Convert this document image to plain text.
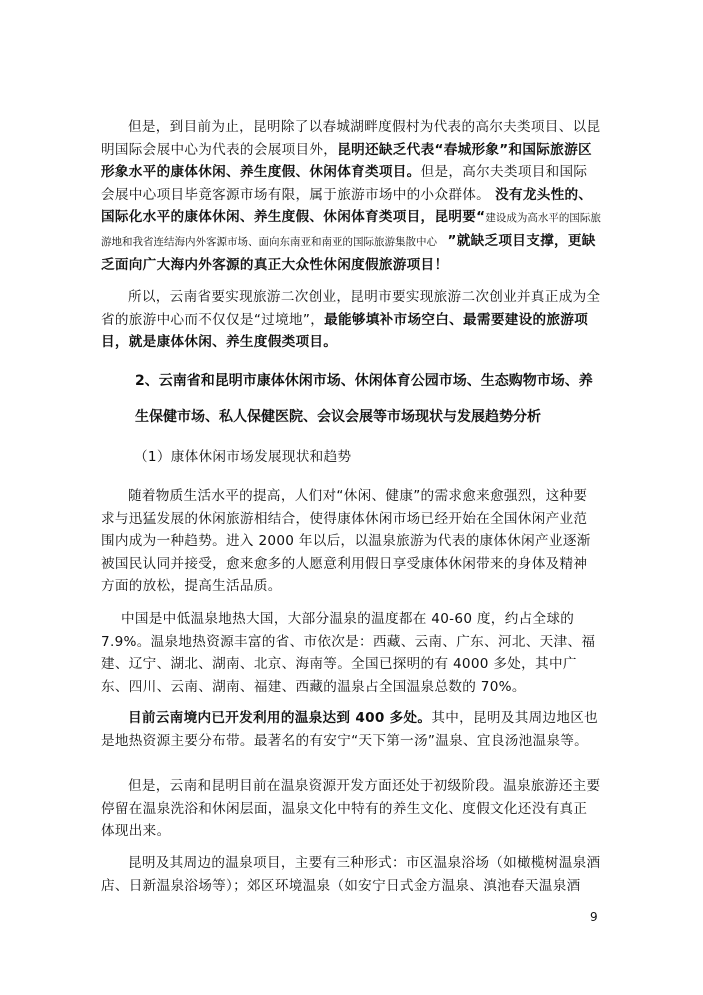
但是，到目前为止，昆明除了以春城湖畔度假村为代表的高尔夫类项目、以昆明国际会展中心为代表的会展项目外，昆明还缺乏代表“春城形象”和国际旅游区形象水平的康体休闲、养生度假、休闲体育类项目。但是，高尔夫类项目和国际会展中心项目毕竟客源市场有限，属于旅游市场中的小众群体。 没有龙头性的、国际化水平的康体休闲、养生度假、休闲体育类项目，昆明要“建设成为高水平的国际旅游地和我省连结海内外客源市场、面向东南亚和南亚的国际旅游集散中心　”就缺乏项目支撑，更缺乏面向广大海内外客源的真正大众性休闲度假旅游项目！
所以，云南省要实现旅游二次创业，昆明市要实现旅游二次创业并真正成为全省的旅游中心而不仅仅是“过境地”，最能够填补市场空白、最需要建设的旅游项目，就是康体休闲、养生度假类项目。
2、云南省和昆明市康体休闲市场、休闲体育公园市场、生态购物市场、养
生保健市场、私人保健医院、会议会展等市场现状与发展趋势分析
（1）康体休闲市场发展现状和趋势
随着物质生活水平的提高，人们对“休闲、健康”的需求愈来愈强烈，这种要求与迅猛发展的休闲旅游相结合，使得康体休闲市场已经开始在全国休闲产业范围内成为一种趋势。进入 2000 年以后，以温泉旅游为代表的康体休闲产业逐渐被国民认同并接受，愈来愈多的人愿意利用假日享受康体休闲带来的身体及精神方面的放松，提高生活品质。
中国是中低温泉地热大国，大部分温泉的温度都在 40-60 度，约占全球的 7.9%。温泉地热资源丰富的省、市依次是：西藏、云南、广东、河北、天津、福建、辽宁、湖北、湖南、北京、海南等。全国已探明的有 4000 多处，其中广东、四川、云南、湖南、福建、西藏的温泉占全国温泉总数的 70%。
目前云南境内已开发利用的温泉达到 400 多处。其中，昆明及其周边地区也是地热资源主要分布带。最著名的有安宁“天下第一汤”温泉、宜良汤池温泉等。
但是，云南和昆明目前在温泉资源开发方面还处于初级阶段。温泉旅游还主要停留在温泉洗浴和休闲层面，温泉文化中特有的养生文化、度假文化还没有真正体现出来。
昆明及其周边的温泉项目，主要有三种形式：市区温泉浴场（如橄榄树温泉酒店、日新温泉浴场等）；郊区环境温泉（如安宁日式金方温泉、滇池春天温泉酒
9
